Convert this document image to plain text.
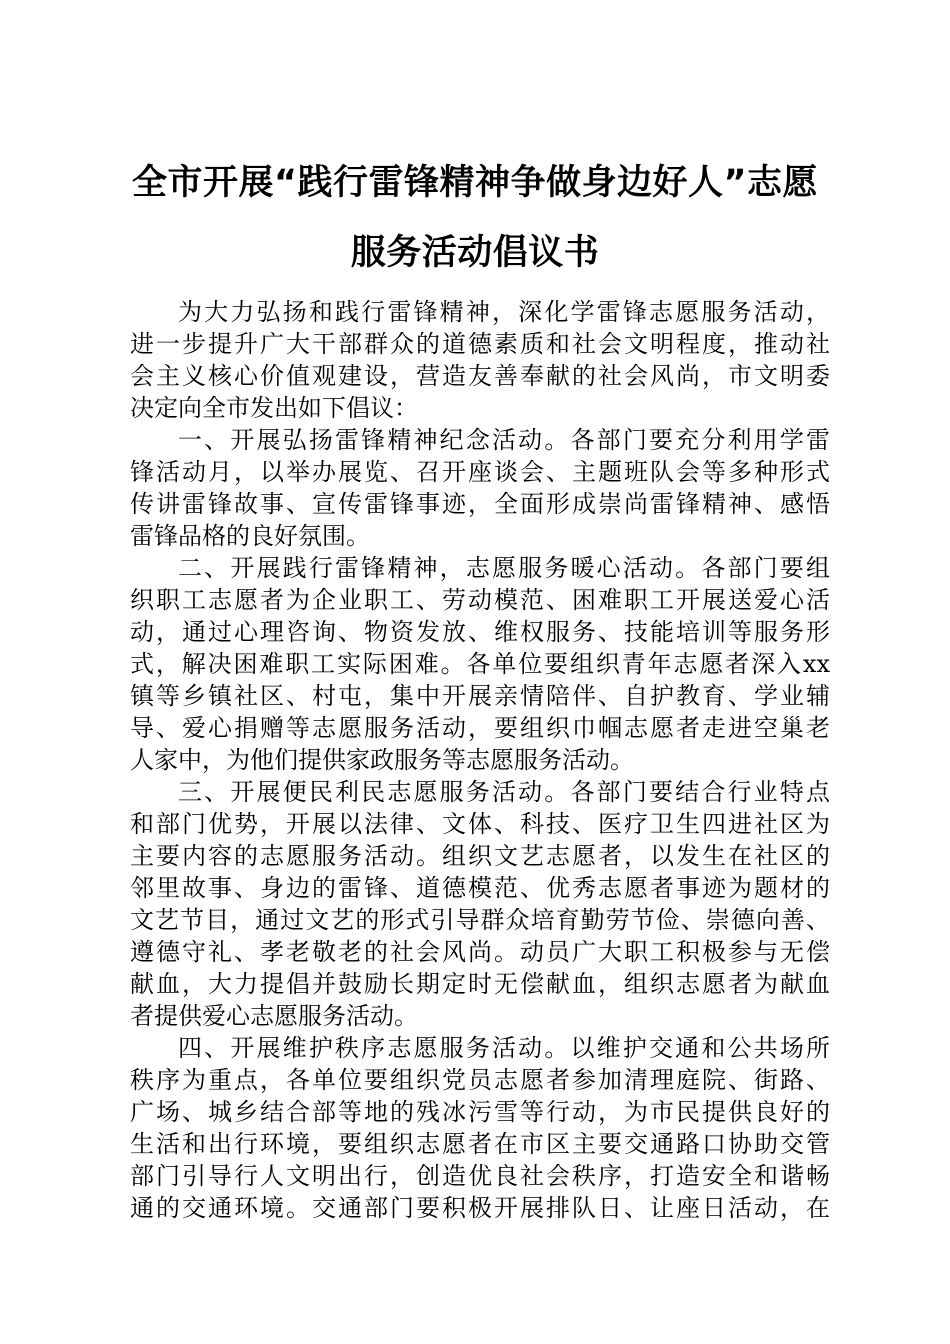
全市开展“践行雷锋精神争做身边好人”志愿
服务活动倡议书

为大力弘扬和践行雷锋精神，深化学雷锋志愿服务活动，
进一步提升广大干部群众的道德素质和社会文明程度，推动社
会主义核心价值观建设，营造友善奉献的社会风尚，市文明委
决定向全市发出如下倡议：

一、开展弘扬雷锋精神纪念活动。各部门要充分利用学雷
锋活动月，以举办展览、召开座谈会、主题班队会等多种形式
传讲雷锋故事、宣传雷锋事迹，全面形成崇尚雷锋精神、感悟
雷锋品格的良好氛围。

二、开展践行雷锋精神，志愿服务暖心活动。各部门要组
织职工志愿者为企业职工、劳动模范、困难职工开展送爱心活
动，通过心理咨询、物资发放、维权服务、技能培训等服务形
式，解决困难职工实际困难。各单位要组织青年志愿者深入xx
镇等乡镇社区、村屯，集中开展亲情陪伴、自护教育、学业辅
导、爱心捐赠等志愿服务活动，要组织巾帼志愿者走进空巢老
人家中，为他们提供家政服务等志愿服务活动。

三、开展便民利民志愿服务活动。各部门要结合行业特点
和部门优势，开展以法律、文体、科技、医疗卫生四进社区为
主要内容的志愿服务活动。组织文艺志愿者，以发生在社区的
邻里故事、身边的雷锋、道德模范、优秀志愿者事迹为题材的
文艺节目，通过文艺的形式引导群众培育勤劳节俭、崇德向善、
遵德守礼、孝老敬老的社会风尚。动员广大职工积极参与无偿
献血，大力提倡并鼓励长期定时无偿献血，组织志愿者为献血
者提供爱心志愿服务活动。

四、开展维护秩序志愿服务活动。以维护交通和公共场所
秩序为重点，各单位要组织党员志愿者参加清理庭院、街路、
广场、城乡结合部等地的残冰污雪等行动，为市民提供良好的
生活和出行环境，要组织志愿者在市区主要交通路口协助交管
部门引导行人文明出行，创造优良社会秩序，打造安全和谐畅
通的交通环境。交通部门要积极开展排队日、让座日活动，在
